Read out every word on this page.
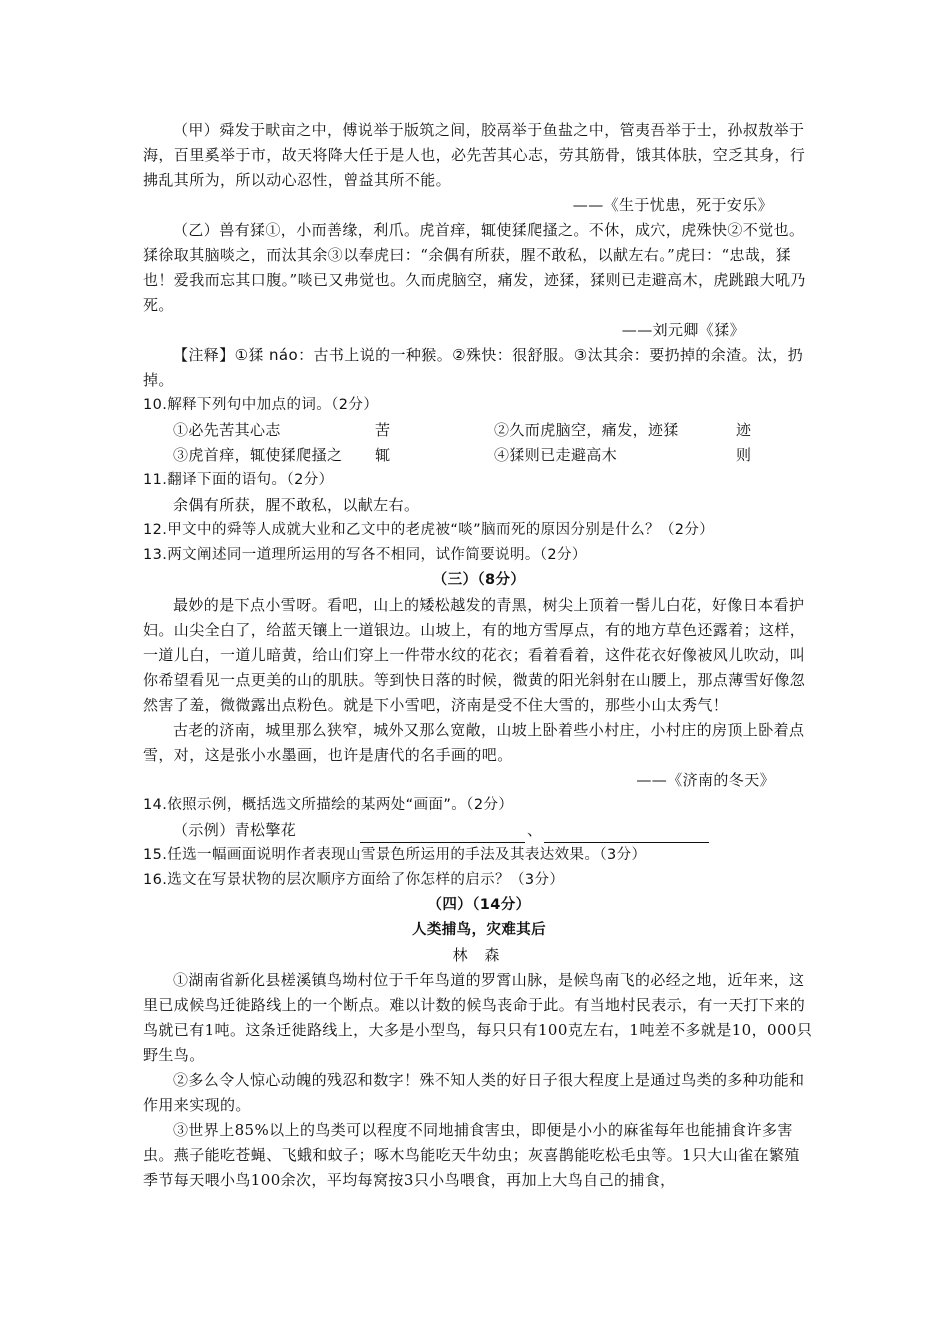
（甲）舜发于畎亩之中，傅说举于版筑之间，胶鬲举于鱼盐之中，管夷吾举于士，孙叔敖举于海，百里奚举于市，故天将降大任于是人也，必先苦其心志，劳其筋骨，饿其体肤，空乏其身，行拂乱其所为，所以动心忍性，曾益其所不能。

——《生于忧患，死于安乐》

（乙）兽有猱①，小而善缘，利爪。虎首痒，辄使猱爬搔之。不休，成穴，虎殊快②不觉也。猱徐取其脑啖之，而汰其余③以奉虎曰：“余偶有所获，腥不敢私，以献左右。”虎曰：“忠哉，猱也！爱我而忘其口腹。”啖已又弗觉也。久而虎脑空，痛发，迹猱，猱则已走避高木，虎跳踉大吼乃死。

——刘元卿《猱》

【注释】①猱 náo：古书上说的一种猴。②殊快：很舒服。③汰其余：要扔掉的余渣。汰，扔掉。

10.解释下列句中加点的词。（2分）

①必先苦其心志	苦	②久而虎脑空，痛发，迹猱	迹
③虎首痒，辄使猱爬搔之	辄	④猱则已走避高木	则

11.翻译下面的语句。（2分）

余偶有所获，腥不敢私，以献左右。

12.甲文中的舜等人成就大业和乙文中的老虎被“啖”脑而死的原因分别是什么？（2分）

13.两文阐述同一道理所运用的写各不相同，试作简要说明。（2分）

（三）（8分）

最妙的是下点小雪呀。看吧，山上的矮松越发的青黑，树尖上顶着一髻儿白花，好像日本看护妇。山尖全白了，给蓝天镶上一道银边。山坡上，有的地方雪厚点，有的地方草色还露着；这样，一道儿白，一道儿暗黄，给山们穿上一件带水纹的花衣；看着看着，这件花衣好像被风儿吹动，叫你希望看见一点更美的山的肌肤。等到快日落的时候，微黄的阳光斜射在山腰上，那点薄雪好像忽然害了羞，微微露出点粉色。就是下小雪吧，济南是受不住大雪的，那些小山太秀气！

古老的济南，城里那么狭窄，城外又那么宽敞，山坡上卧着些小村庄，小村庄的房顶上卧着点雪，对，这是张小水墨画，也许是唐代的名手画的吧。

——《济南的冬天》

14.依照示例，概括选文所描绘的某两处“画面”。（2分）

（示例）青松擎花	、

15.任选一幅画面说明作者表现山雪景色所运用的手法及其表达效果。（3分）

16.选文在写景状物的层次顺序方面给了你怎样的启示？（3分）

（四）（14分）

人类捕鸟，灾难其后

林 森

①湖南省新化县槎溪镇鸟坳村位于千年鸟道的罗霄山脉，是候鸟南飞的必经之地，近年来，这里已成候鸟迁徙路线上的一个断点。难以计数的候鸟丧命于此。有当地村民表示，有一天打下来的鸟就已有1吨。这条迁徙路线上，大多是小型鸟，每只只有100克左右，1吨差不多就是10，000只野生鸟。

②多么令人惊心动魄的残忍和数字！殊不知人类的好日子很大程度上是通过鸟类的多种功能和作用来实现的。

③世界上85%以上的鸟类可以程度不同地捕食害虫，即便是小小的麻雀每年也能捕食许多害虫。燕子能吃苍蝇、飞蛾和蚊子；啄木鸟能吃天牛幼虫；灰喜鹊能吃松毛虫等。1只大山雀在繁殖季节每天喂小鸟100余次，平均每窝按3只小鸟喂食，再加上大鸟自己的捕食，
